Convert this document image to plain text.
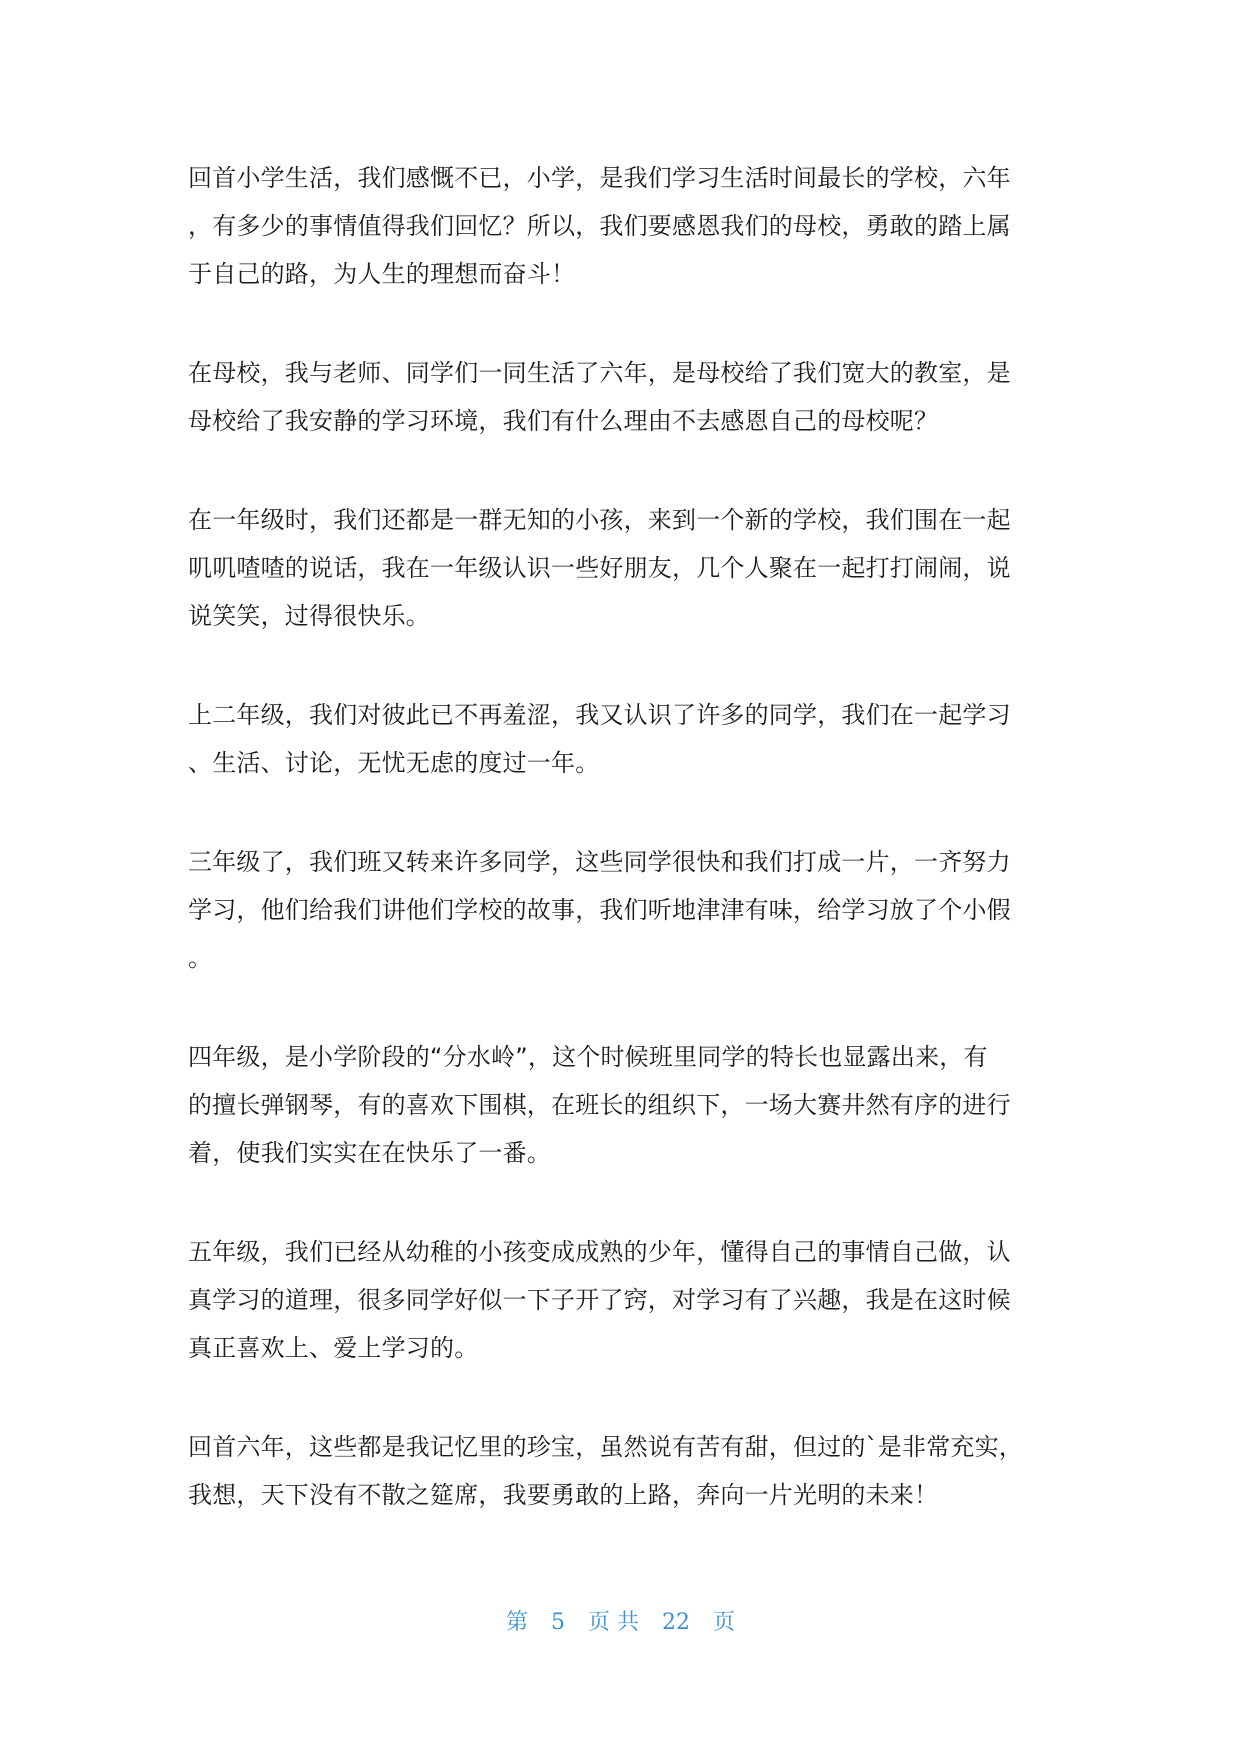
回首小学生活，我们感慨不已，小学，是我们学习生活时间最长的学校，六年
，有多少的事情值得我们回忆？所以，我们要感恩我们的母校，勇敢的踏上属
于自己的路，为人生的理想而奋斗！
在母校，我与老师、同学们一同生活了六年，是母校给了我们宽大的教室，是
母校给了我安静的学习环境，我们有什么理由不去感恩自己的母校呢？
在一年级时，我们还都是一群无知的小孩，来到一个新的学校，我们围在一起
叽叽喳喳的说话，我在一年级认识一些好朋友，几个人聚在一起打打闹闹，说
说笑笑，过得很快乐。
上二年级，我们对彼此已不再羞涩，我又认识了许多的同学，我们在一起学习
、生活、讨论，无忧无虑的度过一年。
三年级了，我们班又转来许多同学，这些同学很快和我们打成一片，一齐努力
学习，他们给我们讲他们学校的故事，我们听地津津有味，给学习放了个小假
。
四年级，是小学阶段的“分水岭”，这个时候班里同学的特长也显露出来，有
的擅长弹钢琴，有的喜欢下围棋，在班长的组织下，一场大赛井然有序的进行
着，使我们实实在在快乐了一番。
五年级，我们已经从幼稚的小孩变成成熟的少年，懂得自己的事情自己做，认
真学习的道理，很多同学好似一下子开了窍，对学习有了兴趣，我是在这时候
真正喜欢上、爱上学习的。
回首六年，这些都是我记忆里的珍宝，虽然说有苦有甜，但过的`是非常充实，
我想，天下没有不散之筵席，我要勇敢的上路，奔向一片光明的未来！
第 5 页 共 22 页
